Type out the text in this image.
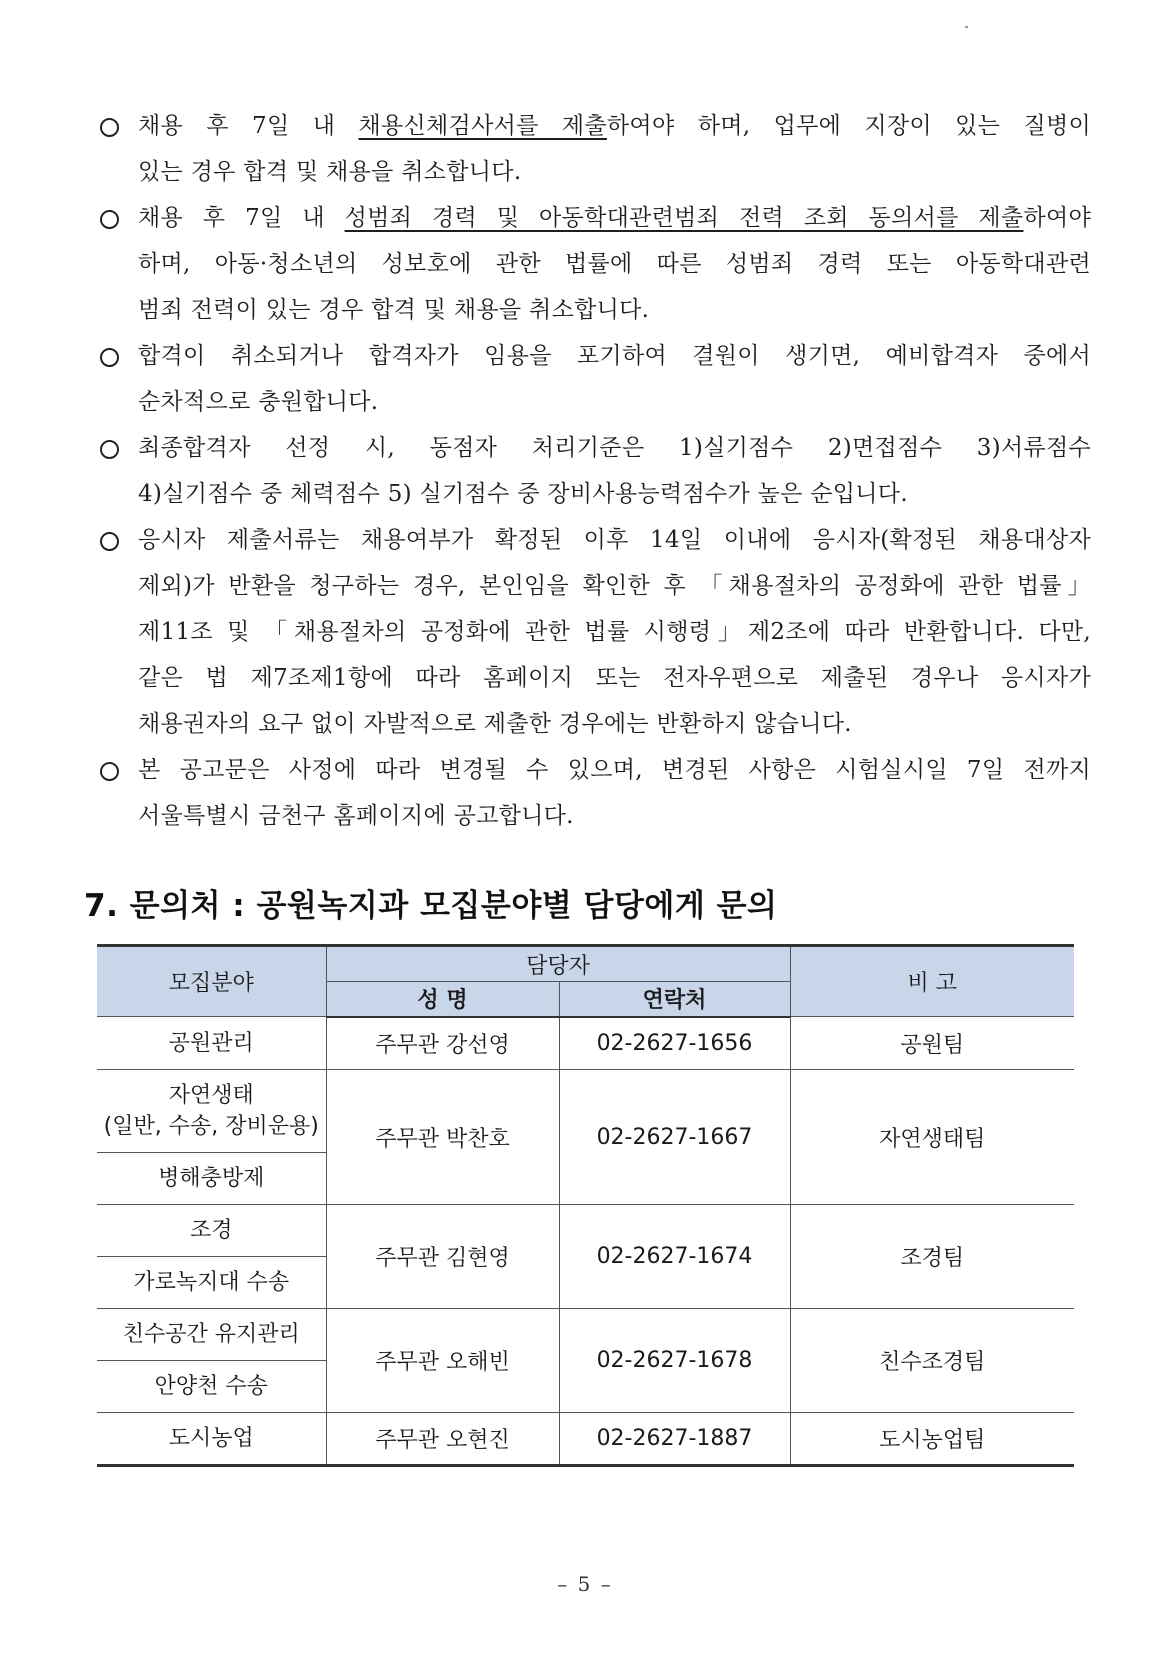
채용 후 7일 내 채용신체검사서를 제출하여야 하며, 업무에 지장이 있는 질병이
있는 경우 합격 및 채용을 취소합니다.
채용 후 7일 내 성범죄 경력 및 아동학대관련범죄 전력 조회 동의서를 제출하여야
하며, 아동·청소년의 성보호에 관한 법률에 따른 성범죄 경력 또는 아동학대관련
범죄 전력이 있는 경우 합격 및 채용을 취소합니다.
합격이 취소되거나 합격자가 임용을 포기하여 결원이 생기면, 예비합격자 중에서
순차적으로 충원합니다.
최종합격자 선정 시, 동점자 처리기준은 1)실기점수 2)면접점수 3)서류점수
4)실기점수 중 체력점수 5) 실기점수 중 장비사용능력점수가 높은 순입니다.
응시자 제출서류는 채용여부가 확정된 이후 14일 이내에 응시자(확정된 채용대상자
제외)가 반환을 청구하는 경우, 본인임을 확인한 후 「채용절차의 공정화에 관한 법률」
제11조 및 「채용절차의 공정화에 관한 법률 시행령」제2조에 따라 반환합니다. 다만,
같은 법 제7조제1항에 따라 홈페이지 또는 전자우편으로 제출된 경우나 응시자가
채용권자의 요구 없이 자발적으로 제출한 경우에는 반환하지 않습니다.
본 공고문은 사정에 따라 변경될 수 있으며, 변경된 사항은 시험실시일 7일 전까지
서울특별시 금천구 홈페이지에 공고합니다.
7. 문의처 : 공원녹지과 모집분야별 담당에게 문의
모집분야	담당자		비 고
	성 명	연락처	
공원관리	주무관 강선영	02-2627-1656	공원팀
자연생태
(일반, 수송, 장비운용)	주무관 박찬호	02-2627-1667	자연생태팀
병해충방제			
조경	주무관 김현영	02-2627-1674	조경팀
가로녹지대 수송			
친수공간 유지관리	주무관 오해빈	02-2627-1678	친수조경팀
안양천 수송			
도시농업	주무관 오현진	02-2627-1887	도시농업팀
– 5 –
